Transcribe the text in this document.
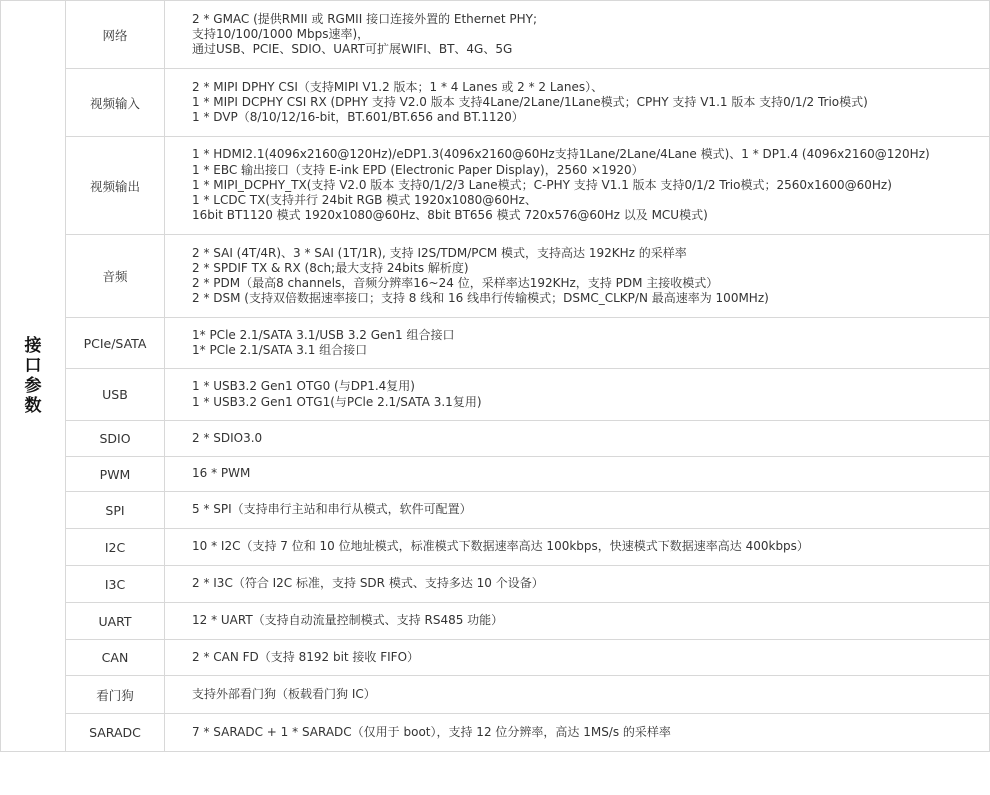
接口参数	网络	2 * GMAC (提供RMII 或 RGMII 接口连接外置的 Ethernet PHY;
支持10/100/1000 Mbps速率)，
通过USB、PCIE、SDIO、UART可扩展WIFI、BT、4G、5G

	视频输入	2 * MIPI DPHY CSI（支持MIPI V1.2 版本；1 * 4 Lanes 或 2 * 2 Lanes）、
1 * MIPI DCPHY CSI RX (DPHY 支持 V2.0 版本 支持4Lane/2Lane/1Lane模式；CPHY 支持 V1.1 版本 支持0/1/2 Trio模式)
1 * DVP（8/10/12/16-bit，BT.601/BT.656 and BT.1120）

	视频输出	1 * HDMI2.1(4096x2160@120Hz)/eDP1.3(4096x2160@60Hz支持1Lane/2Lane/4Lane 模式)、1 * DP1.4 (4096x2160@120Hz)
1 * EBC 输出接口（支持 E-ink EPD (Electronic Paper Display)，2560 ×1920）
1 * MIPI_DCPHY_TX(支持 V2.0 版本 支持0/1/2/3 Lane模式；C-PHY 支持 V1.1 版本 支持0/1/2 Trio模式；2560x1600@60Hz)
1 * LCDC TX(支持并行 24bit RGB 模式 1920x1080@60Hz、
16bit BT1120 模式 1920x1080@60Hz、8bit BT656 模式 720x576@60Hz 以及 MCU模式)

	音频	2 * SAI (4T/4R)、3 * SAI (1T/1R), 支持 I2S/TDM/PCM 模式，支持高达 192KHz 的采样率
2 * SPDIF TX & RX (8ch;最大支持 24bits 解析度)
2 * PDM（最高8 channels，音频分辨率16~24 位，采样率达192KHz，支持 PDM 主接收模式）
2 * DSM (支持双倍数据速率接口；支持 8 线和 16 线串行传输模式；DSMC_CLKP/N 最高速率为 100MHz)

	PCIe/SATA	1* PCle 2.1/SATA 3.1/USB 3.2 Gen1 组合接口
1* PCle 2.1/SATA 3.1 组合接口

	USB	1 * USB3.2 Gen1 OTG0 (与DP1.4复用)
1 * USB3.2 Gen1 OTG1(与PCle 2.1/SATA 3.1复用)

	SDIO	2 * SDIO3.0

	PWM	16 * PWM

	SPI	5 * SPI（支持串行主站和串行从模式，软件可配置）

	I2C	10 * I2C（支持 7 位和 10 位地址模式，标准模式下数据速率高达 100kbps，快速模式下数据速率高达 400kbps）

	I3C	2 * I3C（符合 I2C 标准，支持 SDR 模式、支持多达 10 个设备）

	UART	12 * UART（支持自动流量控制模式、支持 RS485 功能）

	CAN	2 * CAN FD（支持 8192 bit 接收 FIFO）

	看门狗	支持外部看门狗（板载看门狗 IC）

	SARADC	7 * SARADC + 1 * SARADC（仅用于 boot），支持 12 位分辨率，高达 1MS/s 的采样率
